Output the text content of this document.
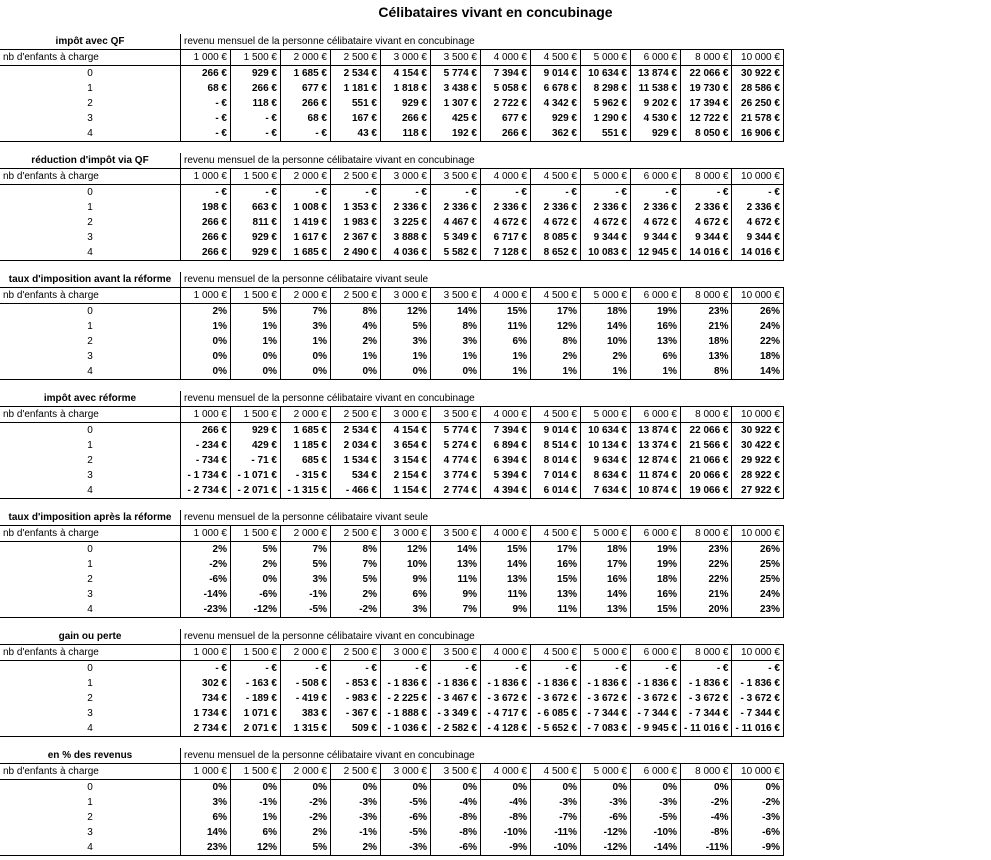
Célibataires vivant en concubinage
impôt avec QF	revenu mensuel de la personne célibataire vivant en concubinage											
nb d'enfants à charge	1 000 €	1 500 €	2 000 €	2 500 €	3 000 €	3 500 €	4 000 €	4 500 €	5 000 €	6 000 €	8 000 €	10 000 €
0	266 €	929 €	1 685 €	2 534 €	4 154 €	5 774 €	7 394 €	9 014 €	10 634 €	13 874 €	22 066 €	30 922 €
1	68 €	266 €	677 €	1 181 €	1 818 €	3 438 €	5 058 €	6 678 €	8 298 €	11 538 €	19 730 €	28 586 €
2	- €	118 €	266 €	551 €	929 €	1 307 €	2 722 €	4 342 €	5 962 €	9 202 €	17 394 €	26 250 €
3	- €	- €	68 €	167 €	266 €	425 €	677 €	929 €	1 290 €	4 530 €	12 722 €	21 578 €
4	- €	- €	- €	43 €	118 €	192 €	266 €	362 €	551 €	929 €	8 050 €	16 906 €

réduction d'impôt via QF	revenu mensuel de la personne célibataire vivant en concubinage											
nb d'enfants à charge	1 000 €	1 500 €	2 000 €	2 500 €	3 000 €	3 500 €	4 000 €	4 500 €	5 000 €	6 000 €	8 000 €	10 000 €
0	- €	- €	- €	- €	- €	- €	- €	- €	- €	- €	- €	- €
1	198 €	663 €	1 008 €	1 353 €	2 336 €	2 336 €	2 336 €	2 336 €	2 336 €	2 336 €	2 336 €	2 336 €
2	266 €	811 €	1 419 €	1 983 €	3 225 €	4 467 €	4 672 €	4 672 €	4 672 €	4 672 €	4 672 €	4 672 €
3	266 €	929 €	1 617 €	2 367 €	3 888 €	5 349 €	6 717 €	8 085 €	9 344 €	9 344 €	9 344 €	9 344 €
4	266 €	929 €	1 685 €	2 490 €	4 036 €	5 582 €	7 128 €	8 652 €	10 083 €	12 945 €	14 016 €	14 016 €

taux d'imposition avant la réforme	revenu mensuel de la personne célibataire vivant seule											
nb d'enfants à charge	1 000 €	1 500 €	2 000 €	2 500 €	3 000 €	3 500 €	4 000 €	4 500 €	5 000 €	6 000 €	8 000 €	10 000 €
0	2%	5%	7%	8%	12%	14%	15%	17%	18%	19%	23%	26%
1	1%	1%	3%	4%	5%	8%	11%	12%	14%	16%	21%	24%
2	0%	1%	1%	2%	3%	3%	6%	8%	10%	13%	18%	22%
3	0%	0%	0%	1%	1%	1%	1%	2%	2%	6%	13%	18%
4	0%	0%	0%	0%	0%	0%	1%	1%	1%	1%	8%	14%

impôt avec réforme	revenu mensuel de la personne célibataire vivant en concubinage											
nb d'enfants à charge	1 000 €	1 500 €	2 000 €	2 500 €	3 000 €	3 500 €	4 000 €	4 500 €	5 000 €	6 000 €	8 000 €	10 000 €
0	266 €	929 €	1 685 €	2 534 €	4 154 €	5 774 €	7 394 €	9 014 €	10 634 €	13 874 €	22 066 €	30 922 €
1	- 234 €	429 €	1 185 €	2 034 €	3 654 €	5 274 €	6 894 €	8 514 €	10 134 €	13 374 €	21 566 €	30 422 €
2	- 734 €	- 71 €	685 €	1 534 €	3 154 €	4 774 €	6 394 €	8 014 €	9 634 €	12 874 €	21 066 €	29 922 €
3	- 1 734 €	- 1 071 €	- 315 €	534 €	2 154 €	3 774 €	5 394 €	7 014 €	8 634 €	11 874 €	20 066 €	28 922 €
4	- 2 734 €	- 2 071 €	- 1 315 €	- 466 €	1 154 €	2 774 €	4 394 €	6 014 €	7 634 €	10 874 €	19 066 €	27 922 €

taux d'imposition après la réforme	revenu mensuel de la personne célibataire vivant seule											
nb d'enfants à charge	1 000 €	1 500 €	2 000 €	2 500 €	3 000 €	3 500 €	4 000 €	4 500 €	5 000 €	6 000 €	8 000 €	10 000 €
0	2%	5%	7%	8%	12%	14%	15%	17%	18%	19%	23%	26%
1	-2%	2%	5%	7%	10%	13%	14%	16%	17%	19%	22%	25%
2	-6%	0%	3%	5%	9%	11%	13%	15%	16%	18%	22%	25%
3	-14%	-6%	-1%	2%	6%	9%	11%	13%	14%	16%	21%	24%
4	-23%	-12%	-5%	-2%	3%	7%	9%	11%	13%	15%	20%	23%

gain ou perte	revenu mensuel de la personne célibataire vivant en concubinage											
nb d'enfants à charge	1 000 €	1 500 €	2 000 €	2 500 €	3 000 €	3 500 €	4 000 €	4 500 €	5 000 €	6 000 €	8 000 €	10 000 €
0	- €	- €	- €	- €	- €	- €	- €	- €	- €	- €	- €	- €
1	302 €	- 163 €	- 508 €	- 853 €	- 1 836 €	- 1 836 €	- 1 836 €	- 1 836 €	- 1 836 €	- 1 836 €	- 1 836 €	- 1 836 €
2	734 €	- 189 €	- 419 €	- 983 €	- 2 225 €	- 3 467 €	- 3 672 €	- 3 672 €	- 3 672 €	- 3 672 €	- 3 672 €	- 3 672 €
3	1 734 €	1 071 €	383 €	- 367 €	- 1 888 €	- 3 349 €	- 4 717 €	- 6 085 €	- 7 344 €	- 7 344 €	- 7 344 €	- 7 344 €
4	2 734 €	2 071 €	1 315 €	509 €	- 1 036 €	- 2 582 €	- 4 128 €	- 5 652 €	- 7 083 €	- 9 945 €	- 11 016 €	- 11 016 €

en % des revenus	revenu mensuel de la personne célibataire vivant en concubinage											
nb d'enfants à charge	1 000 €	1 500 €	2 000 €	2 500 €	3 000 €	3 500 €	4 000 €	4 500 €	5 000 €	6 000 €	8 000 €	10 000 €
0	0%	0%	0%	0%	0%	0%	0%	0%	0%	0%	0%	0%
1	3%	-1%	-2%	-3%	-5%	-4%	-4%	-3%	-3%	-3%	-2%	-2%
2	6%	1%	-2%	-3%	-6%	-8%	-8%	-7%	-6%	-5%	-4%	-3%
3	14%	6%	2%	-1%	-5%	-8%	-10%	-11%	-12%	-10%	-8%	-6%
4	23%	12%	5%	2%	-3%	-6%	-9%	-10%	-12%	-14%	-11%	-9%
